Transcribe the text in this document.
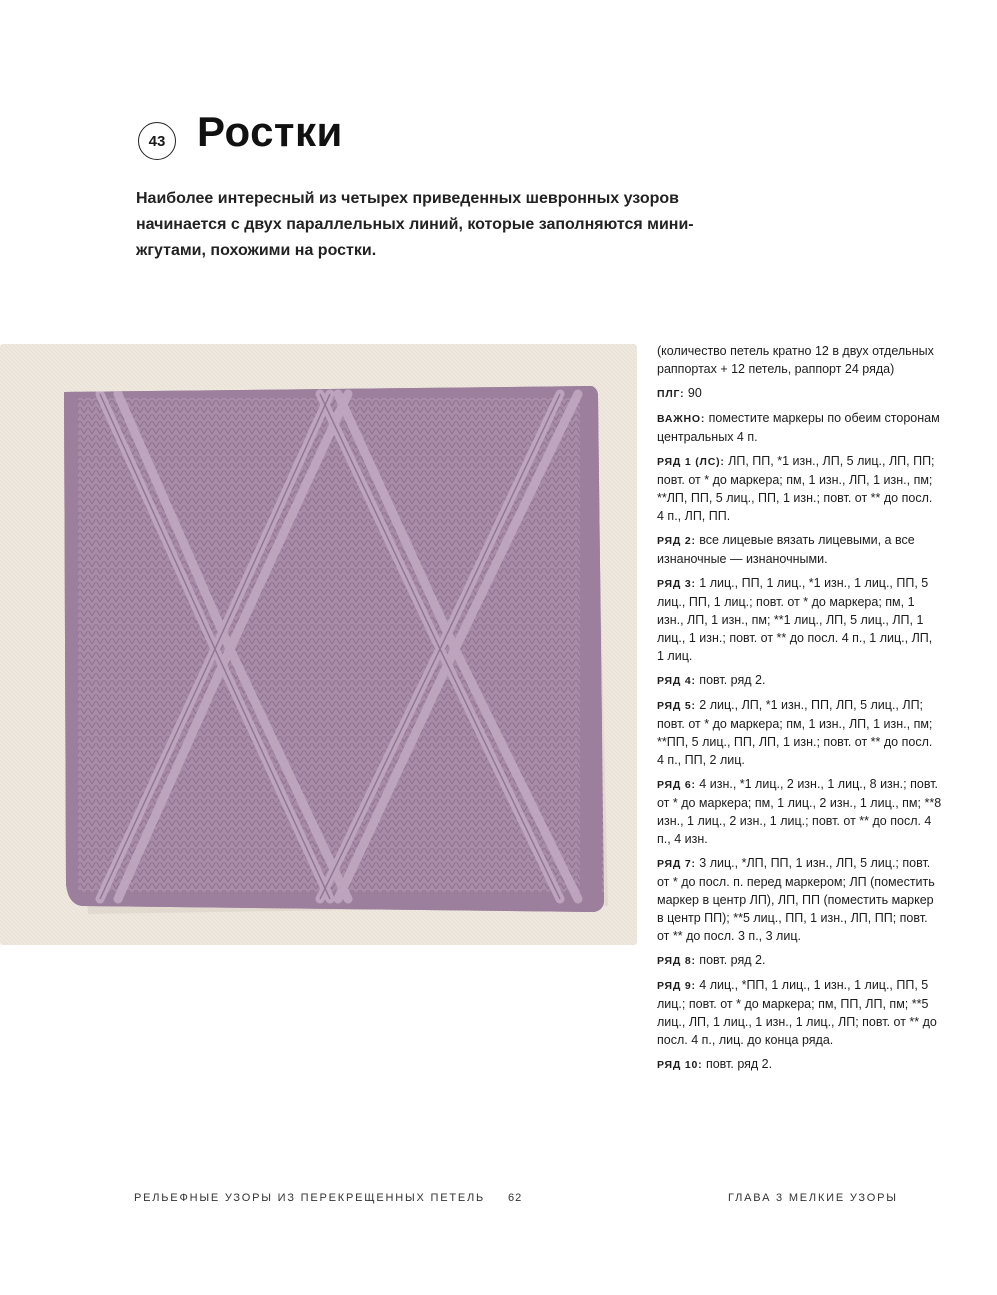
43 Ростки

Наиболее интересный из четырех приведенных шевронных узоров начинается с двух параллельных линий, которые заполняются мини-жгутами, похожими на ростки.

(количество петель кратно 12 в двух отдельных раппортах + 12 петель, раппорт 24 ряда)

ПЛГ: 90

ВАЖНО: поместите маркеры по обеим сторонам центральных 4 п.

РЯД 1 (ЛС): ЛП, ПП, *1 изн., ЛП, 5 лиц., ЛП, ПП; повт. от * до маркера; пм, 1 изн., ЛП, 1 изн., пм; **ЛП, ПП, 5 лиц., ПП, 1 изн.; повт. от ** до посл. 4 п., ЛП, ПП.

РЯД 2: все лицевые вязать лицевыми, а все изнаночные — изнаночными.

РЯД 3: 1 лиц., ПП, 1 лиц., *1 изн., 1 лиц., ПП, 5 лиц., ПП, 1 лиц.; повт. от * до маркера; пм, 1 изн., ЛП, 1 изн., пм; **1 лиц., ЛП, 5 лиц., ЛП, 1 лиц., 1 изн.; повт. от ** до посл. 4 п., 1 лиц., ЛП, 1 лиц.

РЯД 4: повт. ряд 2.

РЯД 5: 2 лиц., ЛП, *1 изн., ПП, ЛП, 5 лиц., ЛП; повт. от * до маркера; пм, 1 изн., ЛП, 1 изн., пм; **ПП, 5 лиц., ПП, ЛП, 1 изн.; повт. от ** до посл. 4 п., ПП, 2 лиц.

РЯД 6: 4 изн., *1 лиц., 2 изн., 1 лиц., 8 изн.; повт. от * до маркера; пм, 1 лиц., 2 изн., 1 лиц., пм; **8 изн., 1 лиц., 2 изн., 1 лиц.; повт. от ** до посл. 4 п., 4 изн.

РЯД 7: 3 лиц., *ЛП, ПП, 1 изн., ЛП, 5 лиц.; повт. от * до посл. п. перед маркером; ЛП (поместить маркер в центр ЛП), ЛП, ПП (поместить маркер в центр ПП); **5 лиц., ПП, 1 изн., ЛП, ПП; повт. от ** до посл. 3 п., 3 лиц.

РЯД 8: повт. ряд 2.

РЯД 9: 4 лиц., *ПП, 1 лиц., 1 изн., 1 лиц., ПП, 5 лиц.; повт. от * до маркера; пм, ПП, ЛП, пм; **5 лиц., ЛП, 1 лиц., 1 изн., 1 лиц., ЛП; повт. от ** до посл. 4 п., лиц. до конца ряда.

РЯД 10: повт. ряд 2.

РЕЛЬЕФНЫЕ УЗОРЫ ИЗ ПЕРЕКРЕЩЕННЫХ ПЕТЕЛЬ 62	ГЛАВА 3 МЕЛКИЕ УЗОРЫ
